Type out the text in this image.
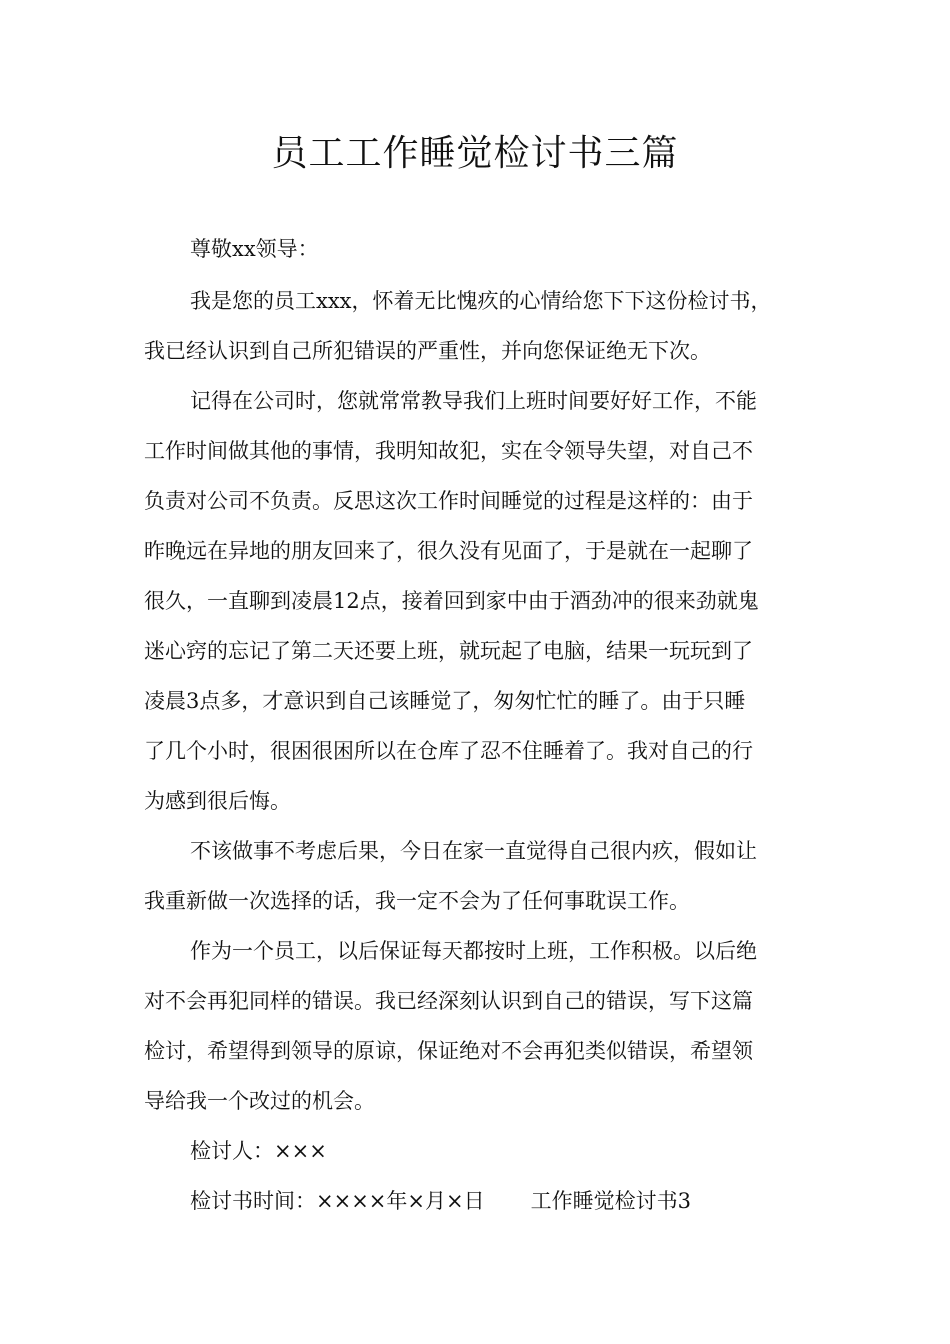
员工工作睡觉检讨书三篇

尊敬xx领导：

我是您的员工xxx，怀着无比愧疚的心情给您下下这份检讨书，

我已经认识到自己所犯错误的严重性，并向您保证绝无下次。

记得在公司时，您就常常教导我们上班时间要好好工作，不能

工作时间做其他的事情，我明知故犯，实在令领导失望，对自己不

负责对公司不负责。反思这次工作时间睡觉的过程是这样的：由于

昨晚远在异地的朋友回来了，很久没有见面了，于是就在一起聊了

很久，一直聊到凌晨12点，接着回到家中由于酒劲冲的很来劲就鬼

迷心窍的忘记了第二天还要上班，就玩起了电脑，结果一玩玩到了

凌晨3点多，才意识到自己该睡觉了，匆匆忙忙的睡了。由于只睡

了几个小时，很困很困所以在仓库了忍不住睡着了。我对自己的行

为感到很后悔。

不该做事不考虑后果，今日在家一直觉得自己很内疚，假如让

我重新做一次选择的话，我一定不会为了任何事耽误工作。

作为一个员工，以后保证每天都按时上班，工作积极。以后绝

对不会再犯同样的错误。我已经深刻认识到自己的错误，写下这篇

检讨，希望得到领导的原谅，保证绝对不会再犯类似错误，希望领

导给我一个改过的机会。

检讨人：×××

检讨书时间：××××年×月×日 工作睡觉检讨书3
